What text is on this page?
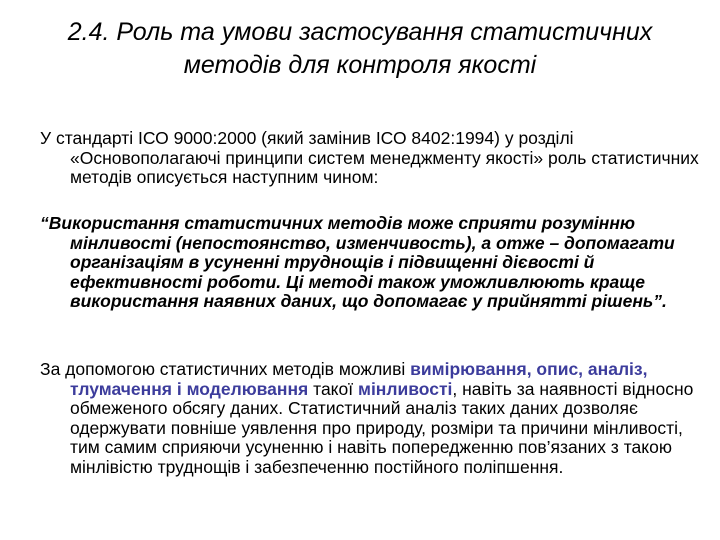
2.4. Роль та умови застосування статистичних методів для контроля якості

У стандарті ІСО 9000:2000 (який замінив ІСО 8402:1994) у розділі «Основополагаючі принципи систем менеджменту якості» роль статистичних методів описується наступним чином:

“Використання статистичних методів може сприяти розумінню мінливості (непостоянство, изменчивость), а отже – допомагати організаціям в усуненні труднощів і підвищенні дієвості й ефективності роботи. Ці методі також уможливлюють краще використання наявних даних, що допомагає у прийнятті рішень”.

За допомогою статистичних методів можливі вимірювання, опис, аналіз, тлумачення і моделювання такої мінливості, навіть за наявності відносно обмеженого обсягу даних. Статистичний аналіз таких даних дозволяє одержувати повніше уявлення про природу, розміри та причини мінливості, тим самим сприяючи усуненню і навіть попередженню пов’язаних з такою мінлівістю труднощів і забезпеченню постійного поліпшення.
